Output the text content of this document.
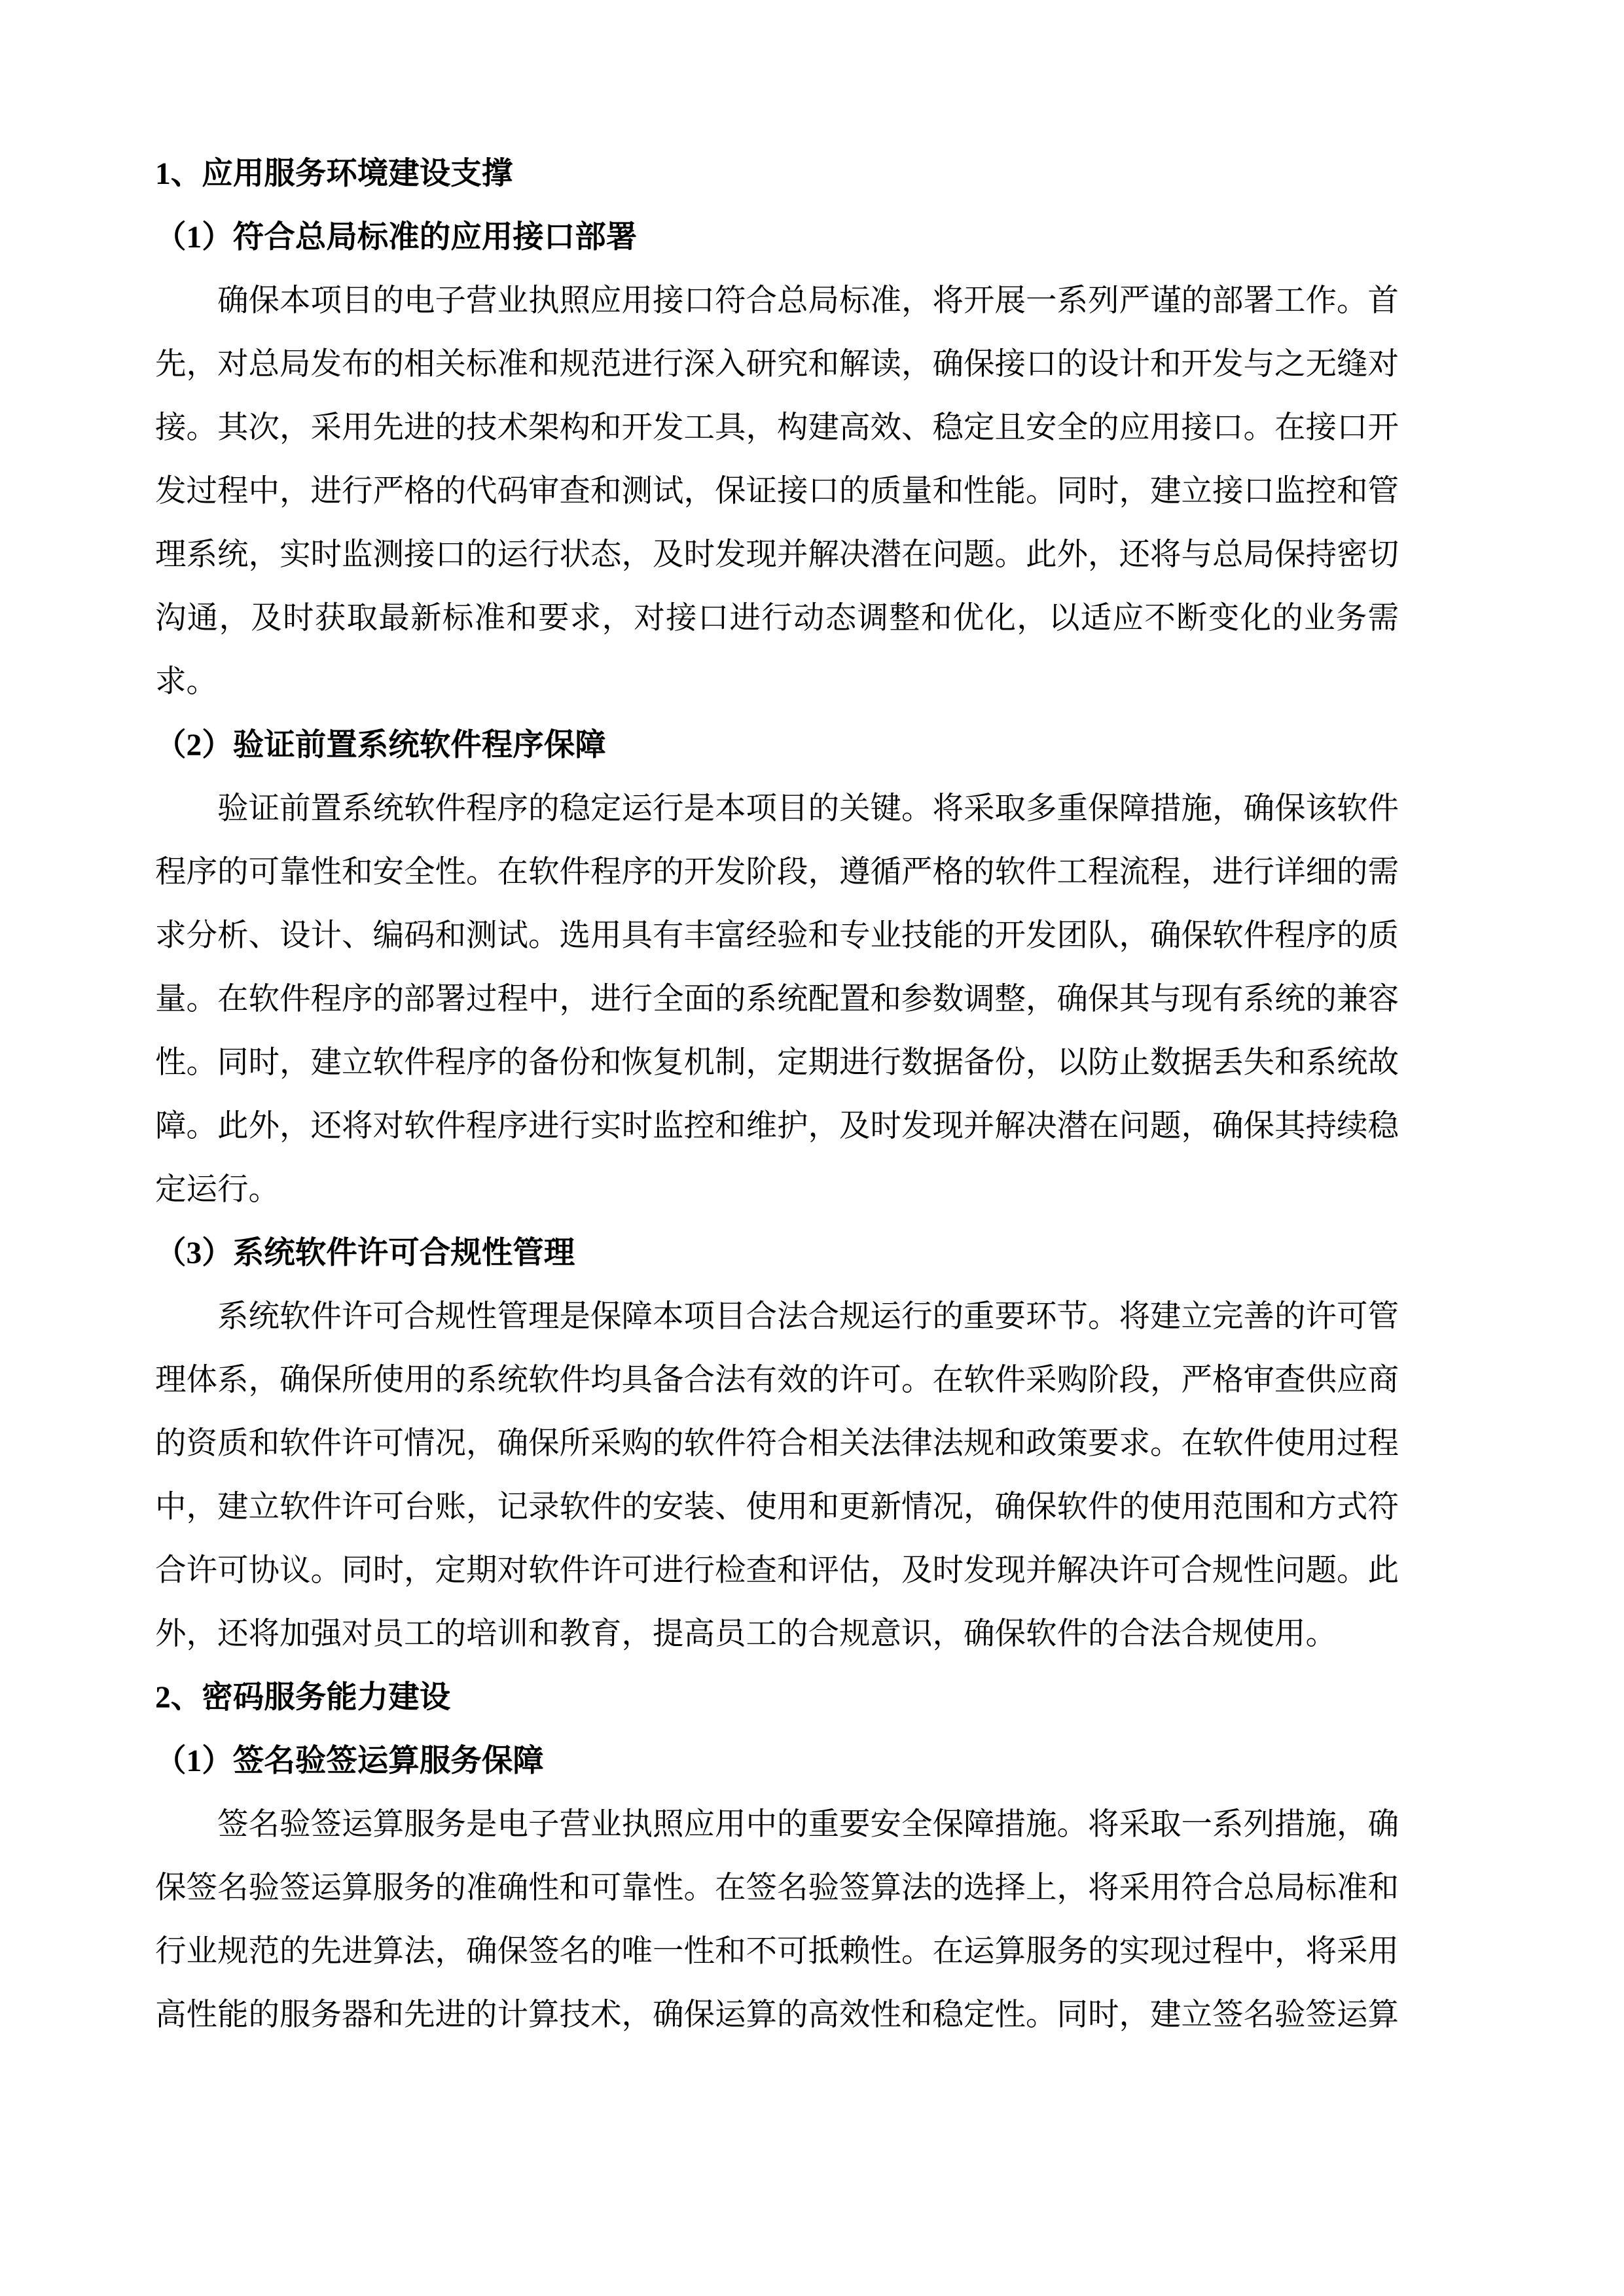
1、应用服务环境建设支撑
（1）符合总局标准的应用接口部署

确保本项目的电子营业执照应用接口符合总局标准，将开展一系列严谨的部署工作。首先，对总局发布的相关标准和规范进行深入研究和解读，确保接口的设计和开发与之无缝对接。其次，采用先进的技术架构和开发工具，构建高效、稳定且安全的应用接口。在接口开发过程中，进行严格的代码审查和测试，保证接口的质量和性能。同时，建立接口监控和管理系统，实时监测接口的运行状态，及时发现并解决潜在问题。此外，还将与总局保持密切沟通，及时获取最新标准和要求，对接口进行动态调整和优化，以适应不断变化的业务需求。

（2）验证前置系统软件程序保障

验证前置系统软件程序的稳定运行是本项目的关键。将采取多重保障措施，确保该软件程序的可靠性和安全性。在软件程序的开发阶段，遵循严格的软件工程流程，进行详细的需求分析、设计、编码和测试。选用具有丰富经验和专业技能的开发团队，确保软件程序的质量。在软件程序的部署过程中，进行全面的系统配置和参数调整，确保其与现有系统的兼容性。同时，建立软件程序的备份和恢复机制，定期进行数据备份，以防止数据丢失和系统故障。此外，还将对软件程序进行实时监控和维护，及时发现并解决潜在问题，确保其持续稳定运行。

（3）系统软件许可合规性管理

系统软件许可合规性管理是保障本项目合法合规运行的重要环节。将建立完善的许可管理体系，确保所使用的系统软件均具备合法有效的许可。在软件采购阶段，严格审查供应商的资质和软件许可情况，确保所采购的软件符合相关法律法规和政策要求。在软件使用过程中，建立软件许可台账，记录软件的安装、使用和更新情况，确保软件的使用范围和方式符合许可协议。同时，定期对软件许可进行检查和评估，及时发现并解决许可合规性问题。此外，还将加强对员工的培训和教育，提高员工的合规意识，确保软件的合法合规使用。

2、密码服务能力建设
（1）签名验签运算服务保障

签名验签运算服务是电子营业执照应用中的重要安全保障措施。将采取一系列措施，确保签名验签运算服务的准确性和可靠性。在签名验签算法的选择上，将采用符合总局标准和行业规范的先进算法，确保签名的唯一性和不可抵赖性。在运算服务的实现过程中，将采用高性能的服务器和先进的计算技术，确保运算的高效性和稳定性。同时，建立签名验签运算
